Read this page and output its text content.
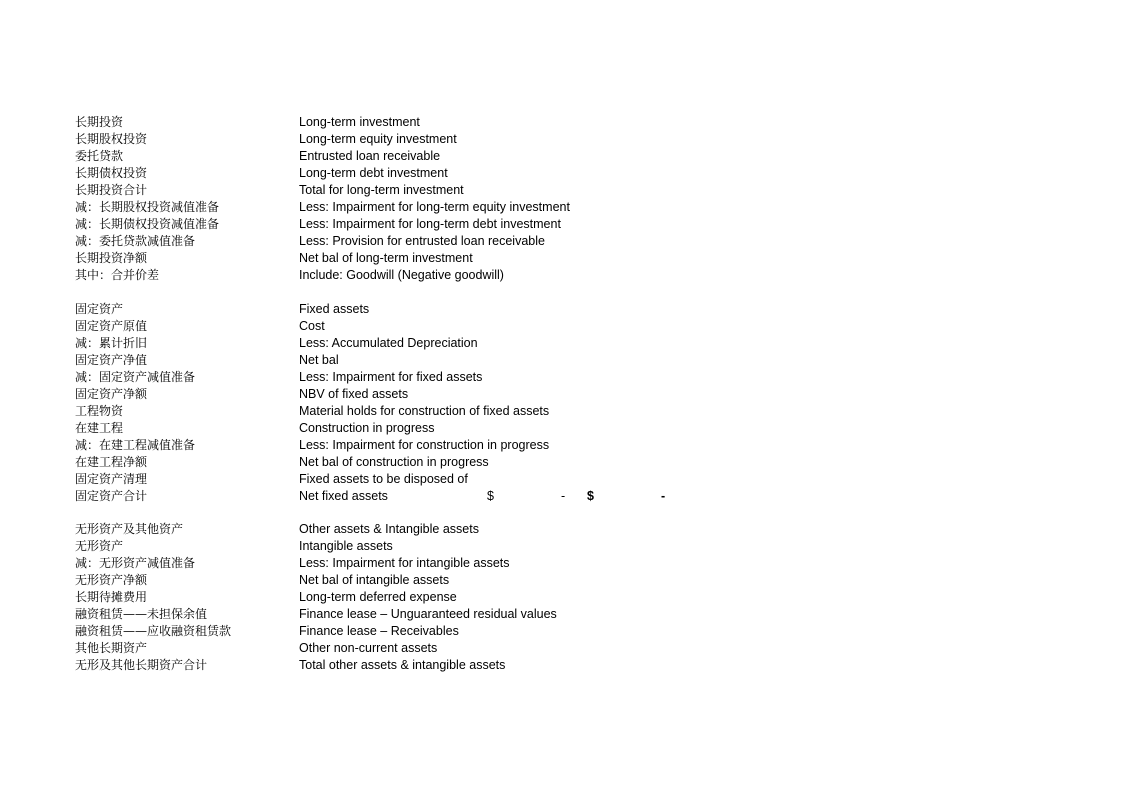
长期投资	Long-term investment
长期股权投资	Long-term equity investment
委托贷款	Entrusted loan receivable
长期债权投资	Long-term debt investment
长期投资合计	Total for long-term investment
减：长期股权投资减值准备	Less: Impairment for long-term equity investment
减：长期债权投资减值准备	Less: Impairment for long-term debt investment
减：委托贷款减值准备	Less: Provision for entrusted loan receivable
长期投资净额	Net bal of long-term investment
其中：合并价差	Include: Goodwill (Negative goodwill)
固定资产	Fixed assets
固定资产原值	Cost
减：累计折旧	Less: Accumulated Depreciation
固定资产净值	Net bal
减：固定资产减值准备	Less: Impairment for fixed assets
固定资产净额	NBV of fixed assets
工程物资	Material holds for construction of fixed assets
在建工程	Construction in progress
减：在建工程减值准备	Less: Impairment for construction in progress
在建工程净额	Net bal of construction in progress
固定资产清理	Fixed assets to be disposed of
固定资产合计	Net fixed assets	$	- $	-
无形资产及其他资产	Other assets & Intangible assets
无形资产	Intangible assets
减：无形资产减值准备	Less: Impairment for intangible assets
无形资产净额	Net bal of intangible assets
长期待摊费用	Long-term deferred expense
融资租赁——未担保余值	Finance lease – Unguaranteed residual values
融资租赁——应收融资租赁款	Finance lease – Receivables
其他长期资产	Other non-current assets
无形及其他长期资产合计	Total other assets & intangible assets
